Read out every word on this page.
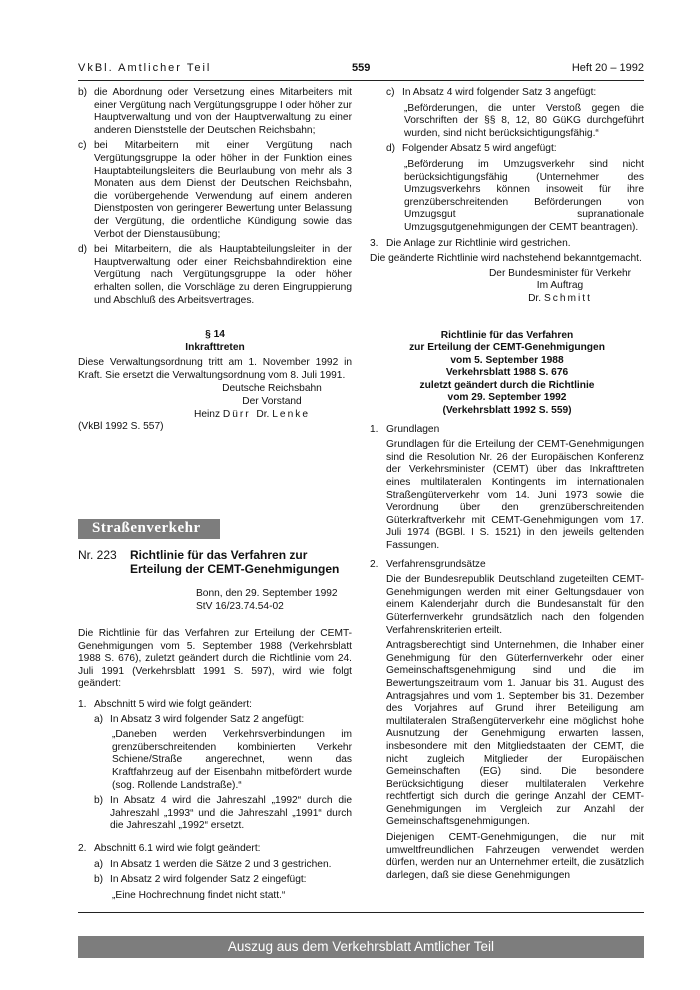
VkBl. Amtlicher Teil	559	Heft 20 – 1992
b) die Abordnung oder Versetzung eines Mitarbeiters mit einer Vergütung nach Vergütungsgruppe I oder höher zur Hauptverwaltung und von der Hauptverwaltung zu einer anderen Dienststelle der Deutschen Reichsbahn;
c) bei Mitarbeitern mit einer Vergütung nach Vergütungsgruppe Ia oder höher in der Funktion eines Hauptabteilungsleiters die Beurlaubung von mehr als 3 Monaten aus dem Dienst der Deutschen Reichsbahn, die vorübergehende Verwendung auf einem anderen Dienstposten von geringerer Bewertung unter Belassung der Vergütung, die ordentliche Kündigung sowie das Verbot der Dienstausübung;
d) bei Mitarbeitern, die als Hauptabteilungsleiter in der Hauptverwaltung oder einer Reichsbahndirektion eine Vergütung nach Vergütungsgruppe Ia oder höher erhalten sollen, die Vorschläge zu deren Eingruppierung und Abschluß des Arbeitsvertrages.
§ 14
Inkrafttreten

Diese Verwaltungsordnung tritt am 1. November 1992 in Kraft. Sie ersetzt die Verwaltungsordnung vom 8. Juli 1991.

Deutsche Reichsbahn
Der Vorstand
Heinz Dürr Dr. Lenke
(VkBl 1992 S. 557)
Straßenverkehr
Nr. 223 Richtlinie für das Verfahren zur Erteilung der CEMT-Genehmigungen
Bonn, den 29. September 1992
StV 16/23.74.54-02

Die Richtlinie für das Verfahren zur Erteilung der CEMT-Genehmigungen vom 5. September 1988 (Verkehrsblatt 1988 S. 676), zuletzt geändert durch die Richtlinie vom 24. Juli 1991 (Verkehrsblatt 1991 S. 597), wird wie folgt geändert:

1. Abschnitt 5 wird wie folgt geändert:
a) In Absatz 3 wird folgender Satz 2 angefügt:

„Daneben werden Verkehrsverbindungen im grenzüberschreitenden kombinierten Verkehr Schiene/Straße angerechnet, wenn das Kraftfahrzeug auf der Eisenbahn mitbefördert wurde (sog. Rollende Landstraße).“

b) In Absatz 4 wird die Jahreszahl „1992“ durch die Jahreszahl „1993“ und die Jahreszahl „1991“ durch die Jahreszahl „1992“ ersetzt.
2. Abschnitt 6.1 wird wie folgt geändert:
a) In Absatz 1 werden die Sätze 2 und 3 gestrichen.
b) In Absatz 2 wird folgender Satz 2 eingefügt:

„Eine Hochrechnung findet nicht statt.“

c) In Absatz 4 wird folgender Satz 3 angefügt:

„Beförderungen, die unter Verstoß gegen die Vorschriften der §§ 8, 12, 80 GüKG durchgeführt wurden, sind nicht berücksichtigungsfähig.“

d) Folgender Absatz 5 wird angefügt:

„Beförderung im Umzugsverkehr sind nicht berücksichtigungsfähig (Unternehmer des Umzugsverkehrs können insoweit für ihre grenzüberschreitenden Beförderungen von Umzugsgut supranationale Umzugsgutgenehmigungen der CEMT beantragen).

3. Die Anlage zur Richtlinie wird gestrichen.

Die geänderte Richtlinie wird nachstehend bekanntgemacht.

Der Bundesminister für Verkehr
Im Auftrag
Dr. Schmitt
Richtlinie für das Verfahren
zur Erteilung der CEMT-Genehmigungen
vom 5. September 1988
Verkehrsblatt 1988 S. 676
zuletzt geändert durch die Richtlinie
vom 29. September 1992
(Verkehrsblatt 1992 S. 559)
1. Grundlagen

Grundlagen für die Erteilung der CEMT-Genehmigungen sind die Resolution Nr. 26 der Europäischen Konferenz der Verkehrsminister (CEMT) über das Inkrafttreten eines multilateralen Kontingents im internationalen Straßengüterverkehr vom 14. Juni 1973 sowie die Verordnung über den grenzüberschreitenden Güterkraftverkehr mit CEMT-Genehmigungen vom 17. Juli 1974 (BGBl. I S. 1521) in den jeweils geltenden Fassungen.

2. Verfahrensgrundsätze

Die der Bundesrepublik Deutschland zugeteilten CEMT-Genehmigungen werden mit einer Geltungsdauer von einem Kalenderjahr durch die Bundesanstalt für den Güterfernverkehr grundsätzlich nach den folgenden Verfahrenskriterien erteilt.

Antragsberechtigt sind Unternehmen, die Inhaber einer Genehmigung für den Güterfernverkehr oder einer Gemeinschaftsgenehmigung sind und die im Bewertungszeitraum vom 1. Januar bis 31. August des Antragsjahres und vom 1. September bis 31. Dezember des Vorjahres auf Grund ihrer Beteiligung am multilateralen Straßengüterverkehr eine möglichst hohe Ausnutzung der Genehmigung erwarten lassen, insbesondere mit den Mitgliedstaaten der CEMT, die nicht zugleich Mitglieder der Europäischen Gemeinschaften (EG) sind. Die besondere Berücksichtigung dieser multilateralen Verkehre rechtfertigt sich durch die geringe Anzahl der CEMT-Genehmigungen im Vergleich zur Anzahl der Gemeinschaftsgenehmigungen.

Diejenigen CEMT-Genehmigungen, die nur mit umweltfreundlichen Fahrzeugen verwendet werden dürfen, werden nur an Unternehmer erteilt, die zusätzlich darlegen, daß sie diese Genehmigungen

Auszug aus dem Verkehrsblatt Amtlicher Teil
